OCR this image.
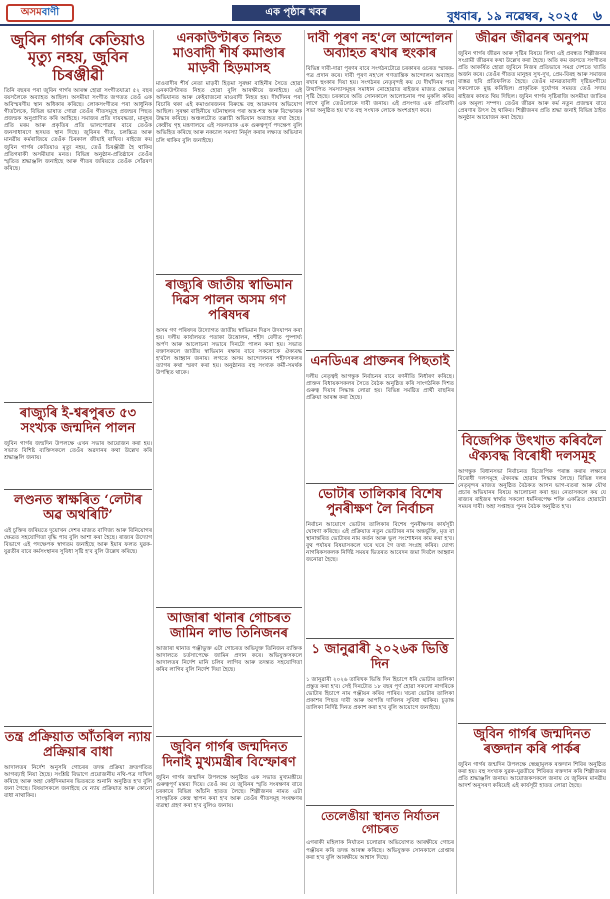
অসমবাণী	এক পৃষ্ঠাৰ খবৰ	বুধবাৰ, ১৯ নৱেম্বৰ, ২০২৫ ৬
জুবিন গাৰ্গৰ কেতিয়াও মৃত্যু নহয়, জুবিন চিৰঞ্জীৱী
তিনি বছৰৰ পৰা জুবিন গাৰ্গৰ আৰম্ভ হোৱা সংগীতযাত্ৰা ৫২ বছৰ বয়সলৈকে অব্যাহত আছিল। অসমীয়া সংগীত জগতত তেওঁ এক অবিস্মৰণীয় স্থান অধিকাৰ কৰিছে। লোকসংগীতৰ পৰা আধুনিক গীতলৈকে, বিভিন্ন ভাষাত গোৱা তেওঁৰ গীতসমূহে প্ৰজন্মৰ পিছত প্ৰজন্মক অনুপ্ৰাণিত কৰি আহিছে। সমাজৰ প্ৰতি দায়বদ্ধতা, মানুহৰ প্ৰতি মৰম আৰু প্ৰকৃতিৰ প্ৰতি ভালপোৱাৰ বাবে তেওঁক জনসাধাৰণে হৃদয়ত স্থান দিছে। জুবিনৰ গীত, চলচ্চিত্ৰ আৰু মানৱীয় কৰ্মৰাজিয়ে তেওঁক চিৰকাল জীয়াই ৰাখিব। ৰাইজে কয় জুবিন গাৰ্গৰ কেতিয়াও মৃত্যু নহয়, তেওঁ চিৰঞ্জীৱী হৈ থাকিব প্ৰতিগৰাকী অসমীয়াৰ মনত। বিভিন্ন অনুষ্ঠান-প্ৰতিষ্ঠানে তেওঁৰ স্মৃতিত শ্ৰদ্ধাঞ্জলি জনাইছে আৰু গীতৰ জৰিয়তে তেওঁক সোঁৱৰণ কৰিছে।
ৰাজ্যুৰি ই-শ্বৰপুৰত ৫৩ সংখ্যক জন্মদিন পালন
জুবিন গাৰ্গৰ জন্মদিন উপলক্ষে এখন সভাৰ আয়োজন কৰা হয়। সভাত বিশিষ্ট ব্যক্তিসকলে তেওঁৰ অৱদানৰ কথা উল্লেখ কৰি শ্ৰদ্ধাঞ্জলি জনায়।
লণ্ডনত স্বাক্ষৰিত ‘লেটাৰ অৱ অথৰিটি’
এই চুক্তিৰ জৰিয়তে দুয়োখন দেশৰ মাজত বাণিজ্য আৰু বিনিয়োগৰ ক্ষেত্ৰত সহযোগিতা বৃদ্ধি পাব বুলি আশা কৰা হৈছে। ৰাজ্যৰ উদ্যোগ বিভাগে এই পদক্ষেপক স্বাগতম জনাইছে আৰু ইয়াৰ ফলত যুৱক-যুৱতীৰ বাবে কৰ্মসংস্থানৰ সুবিধা সৃষ্টি হ'ব বুলি উল্লেখ কৰিছে।
তন্ত্ৰ প্ৰক্ৰিয়াত আঁতৰিল ন্যায় প্ৰক্ৰিয়াৰ বাধা
আদালতৰ নিৰ্দেশ অনুসৰি গোচৰৰ তদন্ত প্ৰক্ৰিয়া দ্ৰুতগতিত আগবঢ়াই নিয়া হৈছে। সংশ্লিষ্ট বিভাগে প্ৰয়োজনীয় নথি-পত্ৰ দাখিল কৰিছে আৰু অহা কেইদিনমানৰ ভিতৰতে শুনানি অনুষ্ঠিত হ'ব বুলি জনা গৈছে। বিষয়াসকলে জনাইছে যে ন্যায় প্ৰক্ৰিয়াত আৰু কোনো বাধা নাথাকিব।
এনকাউণ্টাৰত নিহত মাওবাদী শীৰ্ষ কমাণ্ডাৰ মাড়বী হিড়মাসহ
মাওবাদীৰ শীৰ্ষ নেতা মাড়বী হিড়মা সুৰক্ষা বাহিনীৰ সৈতে হোৱা এনকাউণ্টাৰত নিহত হোৱা বুলি আৰক্ষীয়ে জনাইছে। এই অভিযানত আৰু কেইবাজনো মাওবাদী নিহত হয়। দীৰ্ঘদিনৰ পৰা বিচাৰি থকা এই কমাণ্ডাৰজনৰ বিৰুদ্ধে বহু আক্ৰমণৰ অভিযোগ আছিল। সুৰক্ষা বাহিনীয়ে ঘটনাস্থলৰ পৰা অস্ত্ৰ-শস্ত্ৰ আৰু বিস্ফোৰক উদ্ধাৰ কৰিছে। অঞ্চলটোত তল্লাচী অভিযান অব্যাহত ৰখা হৈছে। কেন্দ্ৰীয় গৃহ মন্ত্ৰণালয়ে এই সফলতাক এক গুৰুত্বপূৰ্ণ পদক্ষেপ বুলি অভিহিত কৰিছে আৰু নকচাল সমস্যা নিৰ্মূল কৰাৰ লক্ষ্যত অভিযান চলি থাকিব বুলি জনাইছে।
ৰাজ্যুৰি জাতীয় স্বাভিমান দিৱস পালন অসম গণ পৰিষদৰ
অসম গণ পৰিষদৰ উদ্যোগত জাতীয় স্বাভিমান দিৱস উদযাপন কৰা হয়। দলীয় কাৰ্যালয়ত পতাকা উত্তোলন, শহীদ বেদীত পুষ্পাৰ্ঘ্য অৰ্পণ আৰু আলোচনা সভাৰে দিনটো পালন কৰা হয়। সভাত বক্তাসকলে জাতীয় স্বাভিমান ৰক্ষাৰ বাবে সকলোকে ঐক্যবদ্ধ হ'বলৈ আহ্বান জনায়। লগতে অসম আন্দোলনৰ শহীদসকলৰ ত্যাগৰ কথা স্মৰণ কৰা হয়। অনুষ্ঠানত বহু সংখ্যক কৰ্মী-সমৰ্থক উপস্থিত থাকে।
আজাৰা থানাৰ গোচৰত জামিন লাভ তিনিজনৰ
আজাৰা থানাত পঞ্জীভুক্ত এটা গোচৰত অভিযুক্ত তিনিজন ব্যক্তিক আদালতে চৰ্তসাপেক্ষে জামিন প্ৰদান কৰে। অভিযুক্তসকলে আদালতৰ নিৰ্দেশ মানি চলিব লাগিব আৰু তদন্তত সহযোগিতা কৰিব লাগিব বুলি নিৰ্দেশ দিয়া হৈছে।
জুবিন গাৰ্গৰ জন্মদিনত দিনাই মুখ্যমন্ত্ৰীৰ বিস্ফোৰণ
জুবিন গাৰ্গৰ জন্মদিন উপলক্ষে অনুষ্ঠিত এক সভাত মুখ্যমন্ত্ৰীয়ে গুৰুত্বপূৰ্ণ মন্তব্য দিয়ে। তেওঁ কয় যে জুবিনৰ স্মৃতি সংৰক্ষণৰ বাবে চৰকাৰে বিভিন্ন আঁচনি হাতত লৈছে। শিল্পীজনৰ নামত এটা সাংস্কৃতিক কেন্দ্ৰ স্থাপন কৰা হ'ব আৰু তেওঁৰ গীতসমূহ সংৰক্ষণৰ ব্যৱস্থা গ্ৰহণ কৰা হ'ব বুলিও জনায়।
দাবী পূৰণ নহ'লে আন্দোলন অব্যাহত ৰখাৰ হুংকাৰ
বিভিন্ন দাবী-দাৱা পূৰণৰ বাবে সংগঠনটোৱে চৰকাৰৰ ওচৰত স্মাৰক-পত্ৰ প্ৰদান কৰে। দাবী পূৰণ নহ'লে গণতান্ত্ৰিক আন্দোলন অব্যাহত ৰখাৰ হুংকাৰ দিয়া হয়। সংগঠনৰ নেতৃবৃন্দই কয় যে দীৰ্ঘদিনৰ পৰা উত্থাপিত সমস্যাসমূহৰ সমাধান নোহোৱাত ৰাইজৰ মাজত ক্ষোভৰ সৃষ্টি হৈছে। চৰকাৰে অতি সোনকালে আলোচনাৰ পথ মুকলি কৰিব লাগে বুলি তেওঁলোকে দাবী জনায়। এই প্ৰসংগত এক প্ৰতিবাদী সভা অনুষ্ঠিত হয় য'ত বহু সংখ্যক লোকে অংশগ্ৰহণ কৰে।
এনডিএৰ প্ৰাক্তনৰ পিছতাই
দলীয় নেতৃত্বই আগন্তুক নিৰ্বাচনৰ বাবে ৰণনীতি নিৰ্ধাৰণ কৰিছে। প্ৰাক্তন বিধায়কসকলৰ সৈতে বৈঠক অনুষ্ঠিত কৰি সাংগঠনিক দিশত গুৰুত্ব দিয়াৰ সিদ্ধান্ত লোৱা হয়। বিভিন্ন সমষ্টিত প্ৰাৰ্থী বাছনিৰ প্ৰক্ৰিয়া আৰম্ভ কৰা হৈছে।
ভোটাৰ তালিকাৰ বিশেষ পুনৰীক্ষণ লৈ নিৰ্বাচন
নিৰ্বাচন আয়োগে ভোটাৰ তালিকাৰ বিশেষ পুনৰীক্ষণৰ কাৰ্যসূচী ঘোষণা কৰিছে। এই প্ৰক্ৰিয়াত নতুন ভোটাৰৰ নাম অন্তৰ্ভুক্তি, মৃত বা স্থানান্তৰিত ভোটাৰৰ নাম কৰ্তন আৰু ভুল সংশোধনৰ কাম কৰা হ'ব। বুথ পৰ্যায়ৰ বিষয়াসকলে ঘৰে ঘৰে গৈ তথ্য সংগ্ৰহ কৰিব। যোগ্য নাগৰিকসকলক নিৰ্দিষ্ট সময়ৰ ভিতৰত আবেদন জমা দিবলৈ আহ্বান জনোৱা হৈছে।
১ জানুৱাৰী ২০২৬ক ভিত্তি দিন
১ জানুৱাৰী ২০২৬ তাৰিখক ভিত্তি দিন হিচাপে ধৰি ভোটাৰ তালিকা প্ৰস্তুত কৰা হ'ব। সেই দিনটোত ১৮ বছৰ পূৰ্ণ হোৱা সকলো নাগৰিকে ভোটাৰ হিচাপে নাম পঞ্জীয়ন কৰিব পাৰিব। খচৰা ভোটাৰ তালিকা প্ৰকাশৰ পিছত দাবী আৰু আপত্তি দাখিলৰ সুবিধা থাকিব। চূড়ান্ত তালিকা নিৰ্দিষ্ট দিনত প্ৰকাশ কৰা হ'ব বুলি আয়োগে জনাইছে।
তেলেঙীয়া স্থানত নিৰ্যাতন গোচৰত
এগৰাকী মহিলাক নিৰ্যাতন চলোৱাৰ অভিযোগত আৰক্ষীয়ে গোচৰ পঞ্জীয়ন কৰি তদন্ত আৰম্ভ কৰিছে। অভিযুক্তক সোনকালে গ্ৰেপ্তাৰ কৰা হ'ব বুলি আৰক্ষীয়ে আশ্বাস দিছে।
জীৱন জীৱনৰ অনুপম
জুবিন গাৰ্গৰ জীৱন আৰু সৃষ্টিৰ বিষয়ে লিখা এই প্ৰবন্ধত শিল্পীজনৰ সংগ্ৰামী জীৱনৰ কথা উল্লেখ কৰা হৈছে। অতি কম বয়সতে সংগীতৰ প্ৰতি আকৰ্ষিত হোৱা জুবিনে নিজৰ প্ৰতিভাৰে সমগ্ৰ দেশতে খ্যাতি অৰ্জন কৰে। তেওঁৰ গীতত মানুহৰ সুখ-দুখ, প্ৰেম-বিৰহ আৰু সমাজৰ বাস্তৱ ছবি প্ৰতিফলিত হৈছে। তেওঁৰ মানৱতাবাদী দৃষ্টিভংগীয়ে সকলোকে মুগ্ধ কৰিছিল। প্ৰাকৃতিক দুৰ্যোগৰ সময়ত তেওঁ সদায় ৰাইজৰ কাষত থিয় দিছিল। জুবিন গাৰ্গৰ সৃষ্টিৰাজি অসমীয়া জাতিৰ এক অমূল্য সম্পদ। তেওঁৰ জীৱন আৰু কৰ্ম নতুন প্ৰজন্মৰ বাবে প্ৰেৰণাৰ উৎস হৈ থাকিব। শিল্পীজনৰ প্ৰতি শ্ৰদ্ধা জনাই বিভিন্ন ঠাইত অনুষ্ঠান আয়োজন কৰা হৈছে।
বিজেপিক উৎখাত কৰিবলৈ ঐক্যবদ্ধ বিৰোধী দলসমূহ
আগন্তুক বিধানসভা নিৰ্বাচনত বিজেপিক পৰাস্ত কৰাৰ লক্ষ্যৰে বিৰোধী দলসমূহে ঐক্যবদ্ধ হোৱাৰ সিদ্ধান্ত লৈছে। বিভিন্ন দলৰ নেতৃবৃন্দৰ মাজত অনুষ্ঠিত বৈঠকত আসন ভাগ-বতৰা আৰু যৌথ প্ৰচাৰ অভিযানৰ বিষয়ে আলোচনা কৰা হয়। নেতাসকলে কয় যে ৰাজ্যৰ ৰাইজৰ স্বাৰ্থত সকলো ধৰ্মনিৰপেক্ষ শক্তি একত্ৰিত হোৱাটো সময়ৰ দাবী। অহা সপ্তাহত পুনৰ বৈঠক অনুষ্ঠিত হ'ব।
জুবিন গাৰ্গৰ জন্মদিনত ৰক্তদান কৰি পাৰ্কৰ
জুবিন গাৰ্গৰ জন্মদিন উপলক্ষে স্বেচ্ছামূলক ৰক্তদান শিবিৰ অনুষ্ঠিত কৰা হয়। বহু সংখ্যক যুৱক-যুৱতীয়ে শিবিৰত ৰক্তদান কৰি শিল্পীজনৰ প্ৰতি শ্ৰদ্ধাঞ্জলি জনায়। আয়োজকসকলে জনায় যে জুবিনৰ মানৱীয় আদৰ্শ অনুসৰণ কৰিয়েই এই কাৰ্যসূচী হাতত লোৱা হৈছে।
